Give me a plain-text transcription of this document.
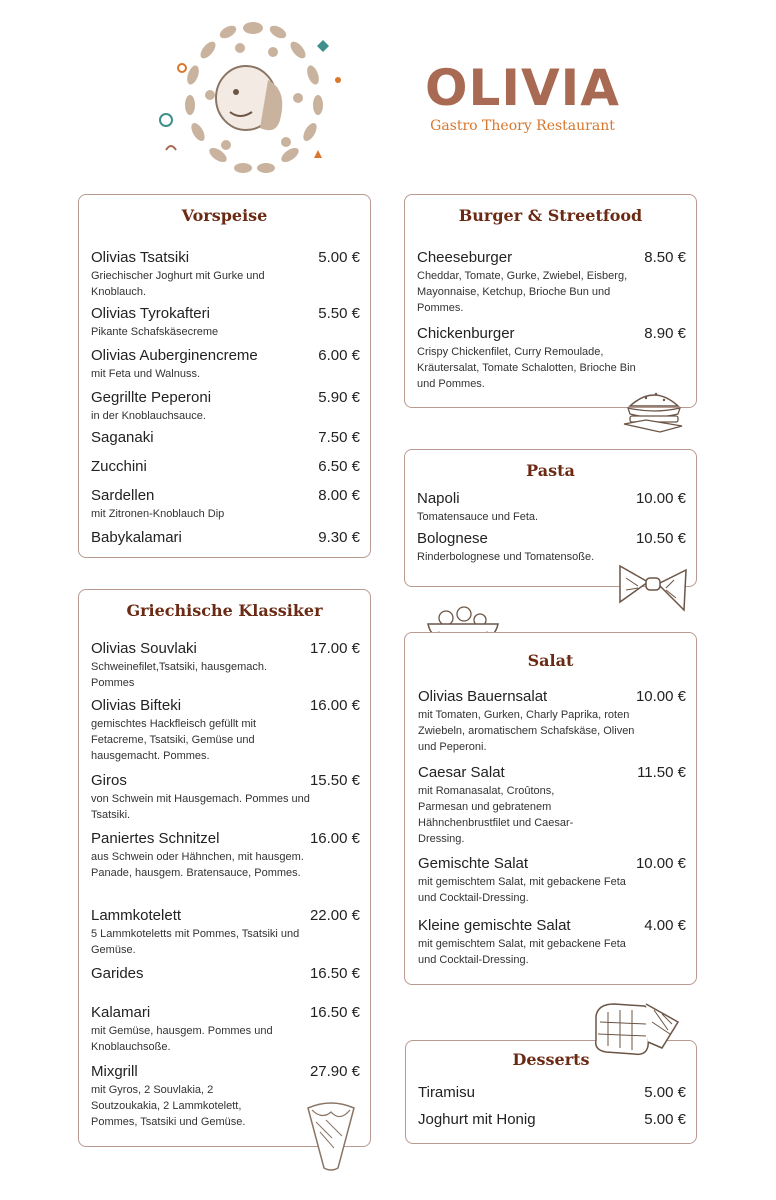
OLIVIA
Gastro Theory Restaurant
Vorspeise
Olivias Tsatsiki	5.00 €
Griechischer Joghurt mit Gurke und Knoblauch.
Olivias Tyrokafteri	5.50 €
Pikante Schafskäsecreme
Olivias Auberginencreme	6.00 €
mit Feta und Walnuss.
Gegrillte Peperoni	5.90 €
in der Knoblauchsauce.
Saganaki	7.50 €
Zucchini	6.50 €
Sardellen	8.00 €
mit Zitronen-Knoblauch Dip
Babykalamari	9.30 €
Griechische Klassiker
Olivias Souvlaki	17.00 €
Schweinefilet,Tsatsiki, hausgemach. Pommes
Olivias Bifteki	16.00 €
gemischtes Hackfleisch gefüllt mit Fetacreme, Tsatsiki, Gemüse und hausgemacht. Pommes.
Giros	15.50 €
von Schwein mit Hausgemach. Pommes und Tsatsiki.
Paniertes Schnitzel	16.00 €
aus Schwein oder Hähnchen, mit hausgem. Panade, hausgem. Bratensauce, Pommes.
Lammkotelett	22.00 €
5 Lammkoteletts mit Pommes, Tsatsiki und Gemüse.
Garides	16.50 €
Kalamari	16.50 €
mit Gemüse, hausgem. Pommes und Knoblauchsoße.
Mixgrill	27.90 €
mit Gyros, 2 Souvlakia, 2 Soutzoukakia, 2 Lammkotelett, Pommes, Tsatsiki und Gemüse.
Burger & Streetfood
Cheeseburger	8.50 €
Cheddar, Tomate, Gurke, Zwiebel, Eisberg, Mayonnaise, Ketchup, Brioche Bun und Pommes.
Chickenburger	8.90 €
Crispy Chickenfilet, Curry Remoulade, Kräutersalat, Tomate Schalotten, Brioche Bin und Pommes.
Pasta
Napoli	10.00 €
Tomatensauce und Feta.
Bolognese	10.50 €
Rinderbolognese und Tomatensoße.
Salat
Olivias Bauernsalat	10.00 €
mit Tomaten, Gurken, Charly Paprika, roten Zwiebeln, aromatischem Schafskäse, Oliven und Peperoni.
Caesar Salat	11.50 €
mit Romanasalat, Croûtons, Parmesan und gebratenem Hähnchenbrustfilet und Caesar-Dressing.
Gemischte Salat	10.00 €
mit gemischtem Salat, mit gebackene Feta und Cocktail-Dressing.
Kleine gemischte Salat	4.00 €
mit gemischtem Salat, mit gebackene Feta und Cocktail-Dressing.
Desserts
Tiramisu	5.00 €
Joghurt mit Honig	5.00 €
